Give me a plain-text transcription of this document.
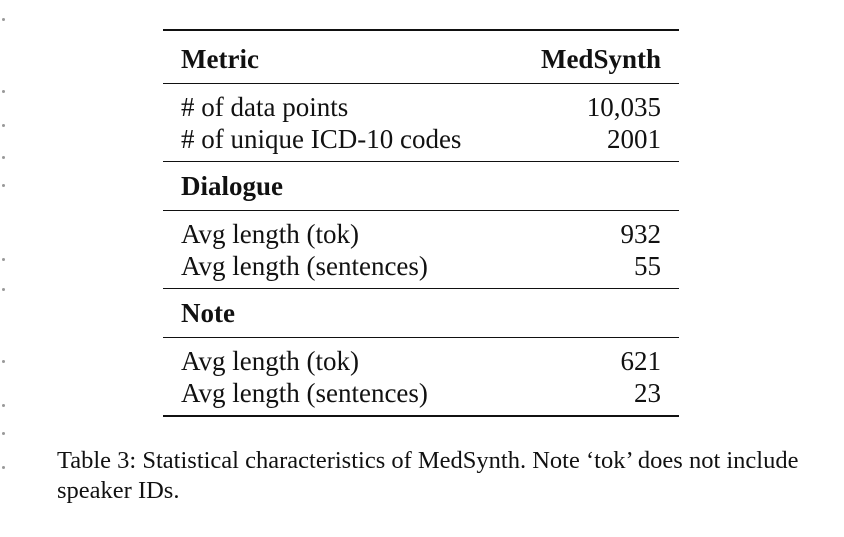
Metric	MedSynth
# of data points	10,035
# of unique ICD-10 codes	2001
Dialogue	
Avg length (tok)	932
Avg length (sentences)	55
Note	
Avg length (tok)	621
Avg length (sentences)	23

Table 3: Statistical characteristics of MedSynth. Note ‘tok’ does not include speaker IDs.
